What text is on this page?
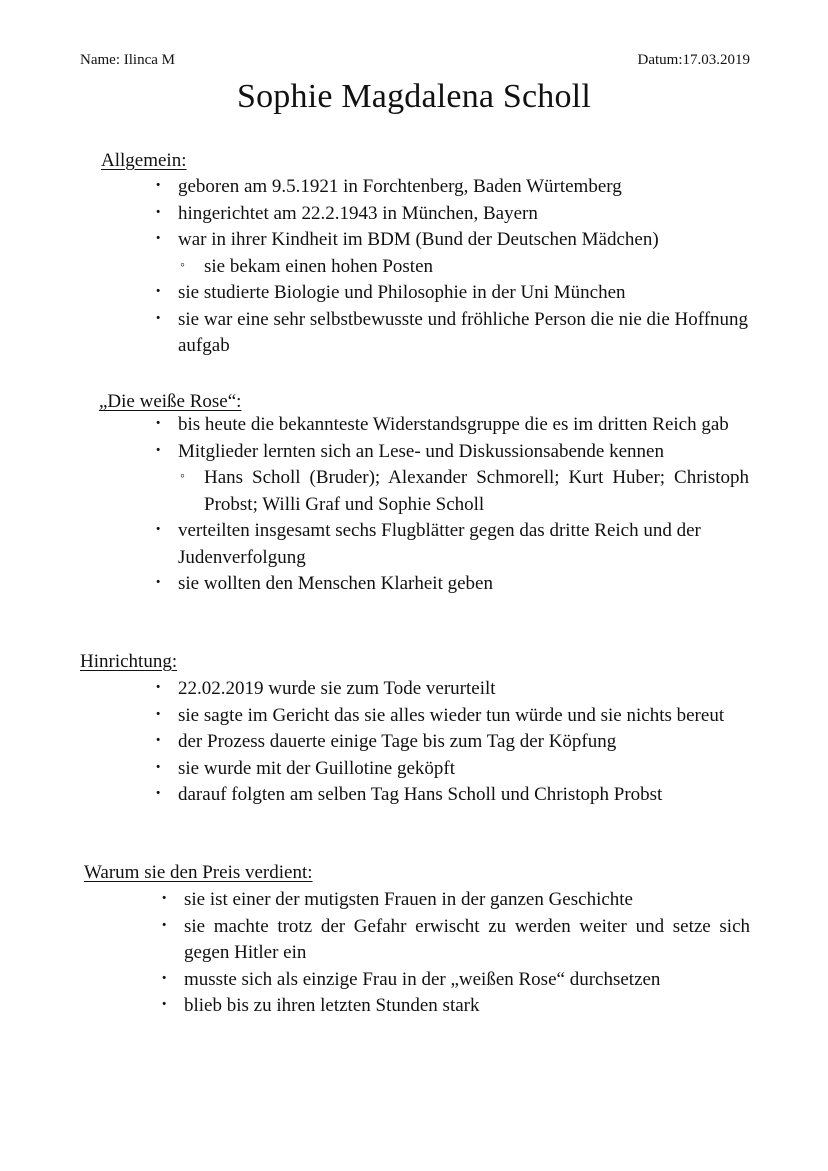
Name: Ilinca M	Datum:17.03.2019
Sophie Magdalena Scholl
Allgemein:
· geboren am 9.5.1921 in Forchtenberg, Baden Würtemberg
· hingerichtet am 22.2.1943 in München, Bayern
· war in ihrer Kindheit im BDM (Bund der Deutschen Mädchen)
◦ sie bekam einen hohen Posten
· sie studierte Biologie und Philosophie in der Uni München
· sie war eine sehr selbstbewusste und fröhliche Person die nie die Hoffnung aufgab
„Die weiße Rose“:
· bis heute die bekannteste Widerstandsgruppe die es im dritten Reich gab
· Mitglieder lernten sich an Lese- und Diskussionsabende kennen
◦ Hans Scholl (Bruder); Alexander Schmorell; Kurt Huber; Christoph Probst; Willi Graf und Sophie Scholl
· verteilten insgesamt sechs Flugblätter gegen das dritte Reich und der Judenverfolgung
· sie wollten den Menschen Klarheit geben
Hinrichtung:
· 22.02.2019 wurde sie zum Tode verurteilt
· sie sagte im Gericht das sie alles wieder tun würde und sie nichts bereut
· der Prozess dauerte einige Tage bis zum Tag der Köpfung
· sie wurde mit der Guillotine geköpft
· darauf folgten am selben Tag Hans Scholl und Christoph Probst
Warum sie den Preis verdient:
· sie ist einer der mutigsten Frauen in der ganzen Geschichte
· sie machte trotz der Gefahr erwischt zu werden weiter und setze sich gegen Hitler ein
· musste sich als einzige Frau in der „weißen Rose“ durchsetzen
· blieb bis zu ihren letzten Stunden stark
